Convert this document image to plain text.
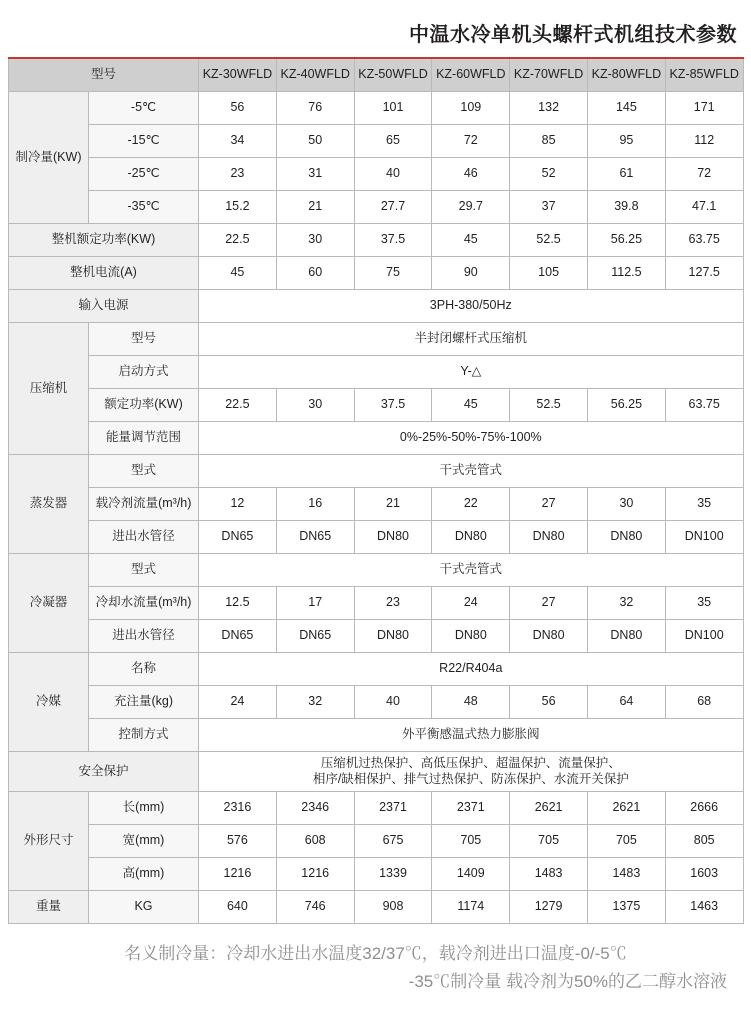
中温水冷单机头螺杆式机组技术参数
型号		KZ-30WFLD	KZ-40WFLD	KZ-50WFLD	KZ-60WFLD	KZ-70WFLD	KZ-80WFLD	KZ-85WFLD
制冷量(KW)	-5℃	56	76	101	109	132	145	171
	-15℃	34	50	65	72	85	95	112
	-25℃	23	31	40	46	52	61	72
	-35℃	15.2	21	27.7	29.7	37	39.8	47.1
整机额定功率(KW)		22.5	30	37.5	45	52.5	56.25	63.75
整机电流(A)		45	60	75	90	105	112.5	127.5
输入电源		3PH-380/50Hz						
压缩机	型号	半封闭螺杆式压缩机						
	启动方式	Y-△						
	额定功率(KW)	22.5	30	37.5	45	52.5	56.25	63.75
	能量调节范围	0%-25%-50%-75%-100%						
蒸发器	型式	干式壳管式						
	载冷剂流量(m³/h)	12	16	21	22	27	30	35
	进出水管径	DN65	DN65	DN80	DN80	DN80	DN80	DN100
冷凝器	型式	干式壳管式						
	冷却水流量(m³/h)	12.5	17	23	24	27	32	35
	进出水管径	DN65	DN65	DN80	DN80	DN80	DN80	DN100
冷媒	名称	R22/R404a						
	充注量(kg)	24	32	40	48	56	64	68
	控制方式	外平衡感温式热力膨胀阀						
安全保护		压缩机过热保护、高低压保护、超温保护、流量保护、
相序/缺相保护、排气过热保护、防冻保护、水流开关保护						

外形尺寸	长(mm)	2316	2346	2371	2371	2621	2621	2666
	宽(mm)	576	608	675	705	705	705	805
	高(mm)	1216	1216	1339	1409	1483	1483	1603
重量	KG	640	746	908	1174	1279	1375	1463
名义制冷量：冷却水进出水温度32/37℃，载冷剂进出口温度-0/-5℃
-35℃制冷量 载冷剂为50%的乙二醇水溶液
